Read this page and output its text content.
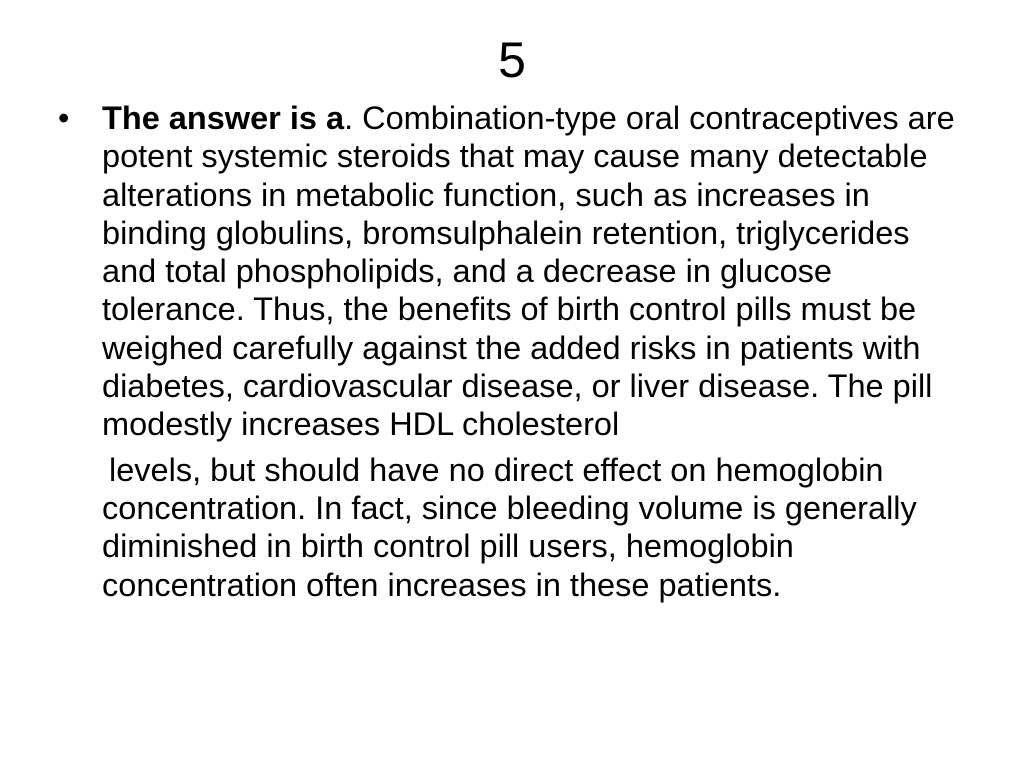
5
•	The answer is a. Combination-type oral contraceptives are potent systemic steroids that may cause many detectable alterations in metabolic function, such as increases in binding globulins, bromsulphalein retention, triglycerides and total phospholipids, and a decrease in glucose tolerance. Thus, the benefits of birth control pills must be weighed carefully against the added risks in patients with diabetes, cardiovascular disease, or liver disease. The pill modestly increases HDL cholesterol

levels, but should have no direct effect on hemoglobin concentration. In fact, since bleeding volume is generally diminished in birth control pill users, hemoglobin concentration often increases in these patients.
